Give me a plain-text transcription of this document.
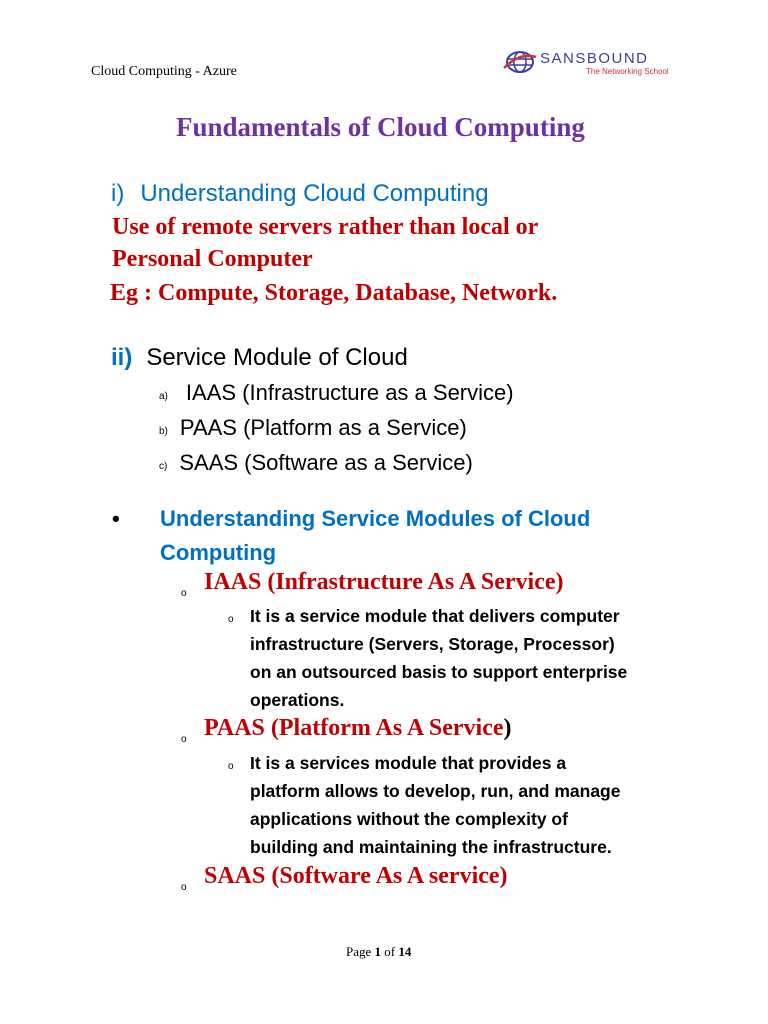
Cloud Computing - Azure
SANSBOUND
The Networking School
Fundamentals of Cloud Computing
i) Understanding Cloud Computing
Use of remote servers rather than local or
Personal Computer
Eg : Compute, Storage, Database, Network.
ii) Service Module of Cloud
a) IAAS (Infrastructure as a Service)
b) PAAS (Platform as a Service)
c) SAAS (Software as a Service)
• Understanding Service Modules of Cloud
Computing
o IAAS (Infrastructure As A Service)
o It is a service module that delivers computer
infrastructure (Servers, Storage, Processor)
on an outsourced basis to support enterprise
operations.
o PAAS (Platform As A Service)
o It is a services module that provides a
platform allows to develop, run, and manage
applications without the complexity of
building and maintaining the infrastructure.
o SAAS (Software As A service)
Page 1 of 14
